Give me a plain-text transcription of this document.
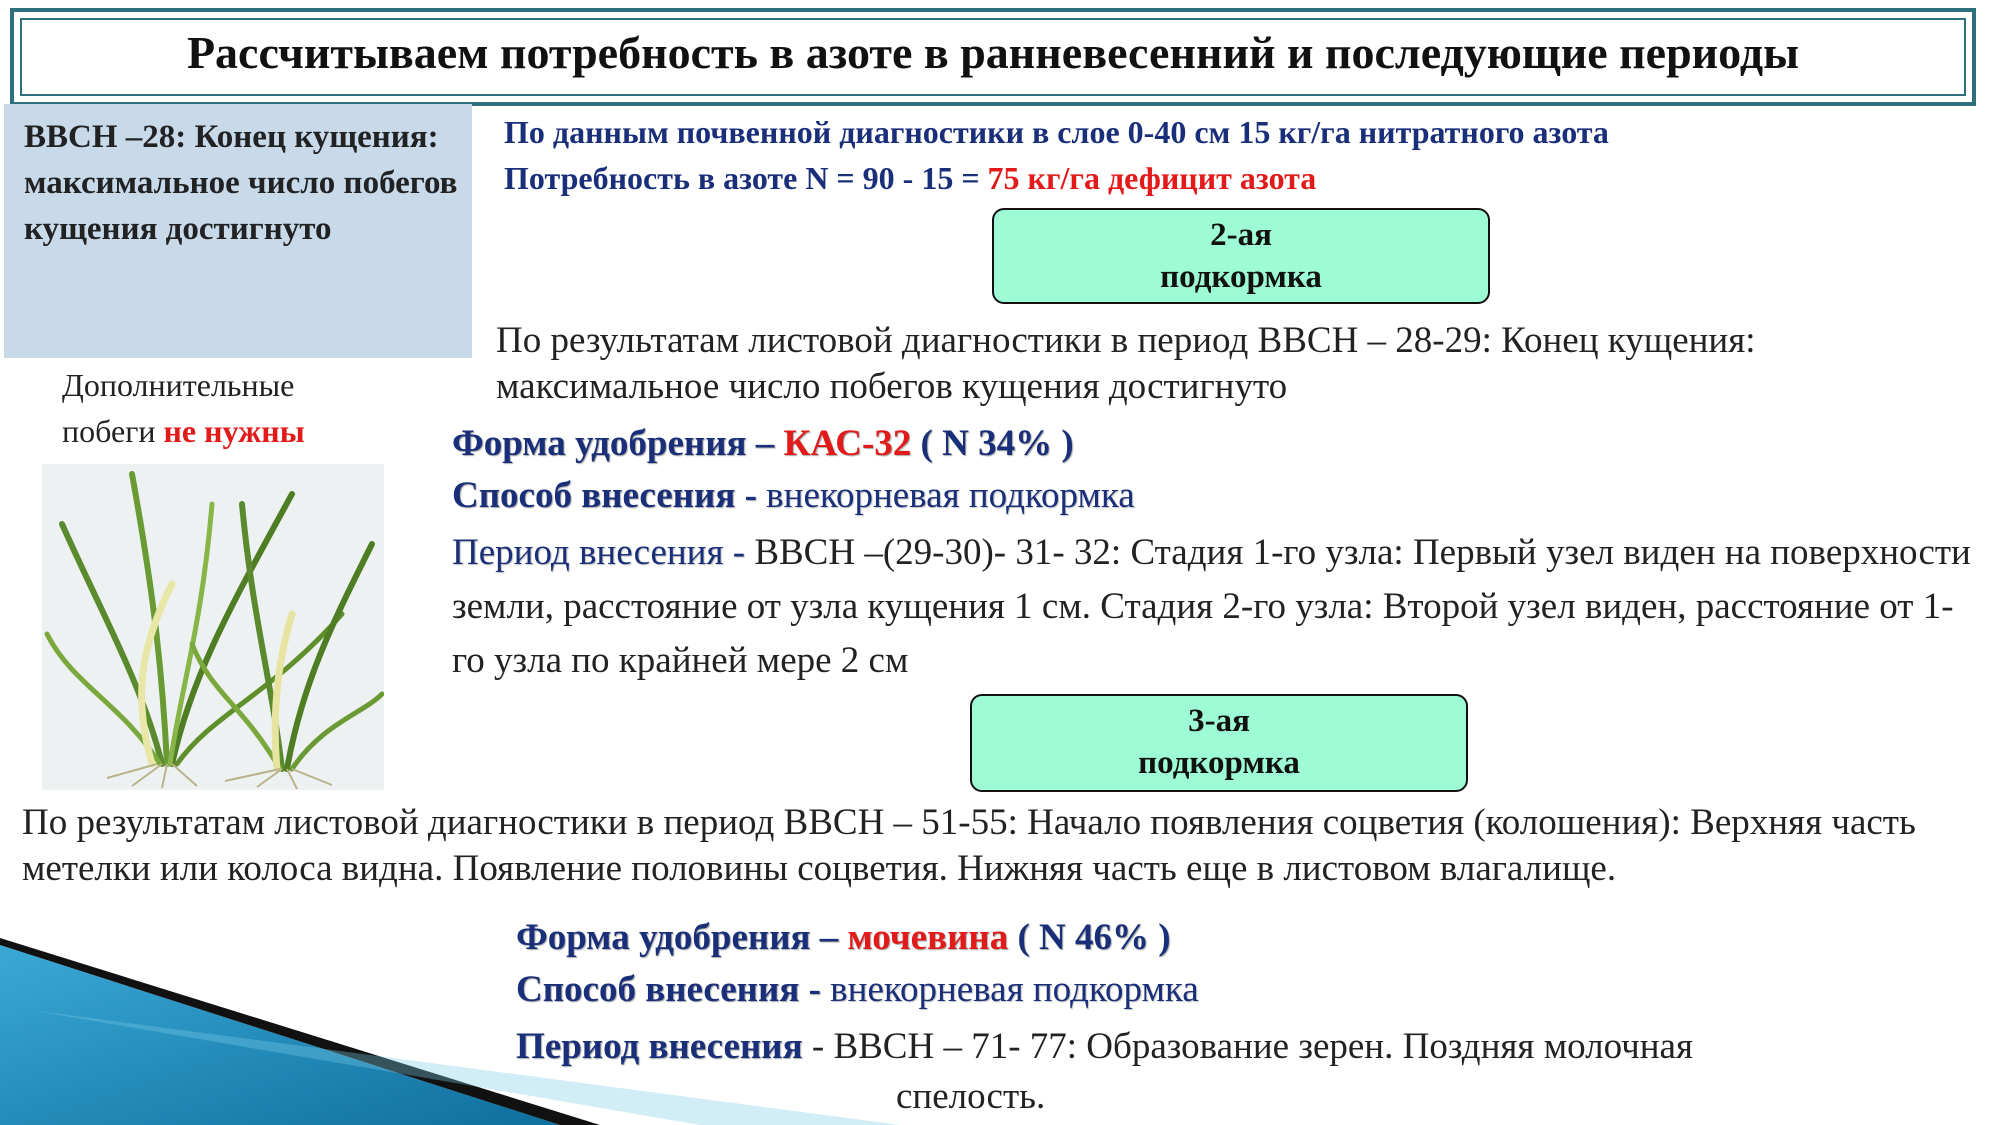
Рассчитываем потребность в азоте в ранневесенний и последующие периоды
ВВСН –28: Конец кущения: максимальное число побегов кущения достигнуто
Дополнительные побеги не нужны
По данным почвенной диагностики в слое 0-40 см 15 кг/га нитратного азота
Потребность в азоте N = 90 - 15 = 75 кг/га дефицит азота
2-ая
подкормка
По результатам листовой диагностики в период ВВСН – 28-29: Конец кущения: максимальное число побегов кущения достигнуто
Форма удобрения – КАС-32 ( N 34% )
Способ внесения - внекорневая подкормка
Период внесения - ВВСН –(29-30)- 31- 32: Стадия 1-го узла: Первый узел виден на поверхности земли, расстояние от узла кущения 1 см. Стадия 2-го узла: Второй узел виден, расстояние от 1-го узла по крайней мере 2 см
3-ая
подкормка
По результатам листовой диагностики в период ВВСН – 51-55: Начало появления соцветия (колошения): Верхняя часть метелки или колоса видна. Появление половины соцветия. Нижняя часть еще в листовом влагалище.
Форма удобрения – мочевина ( N 46% )
Способ внесения - внекорневая подкормка
Период внесения - ВВСН – 71- 77: Образование зерен. Поздняя молочная
спелость.
